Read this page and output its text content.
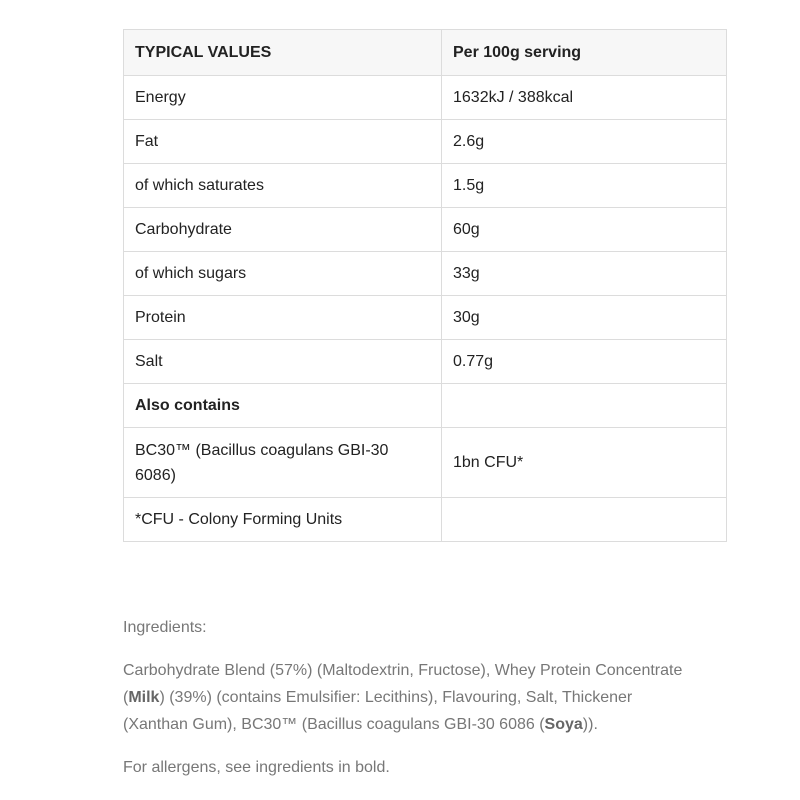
TYPICAL VALUES	Per 100g serving
Energy	1632kJ / 388kcal
Fat	2.6g
of which saturates	1.5g
Carbohydrate	60g
of which sugars	33g
Protein	30g
Salt	0.77g
Also contains	
BC30™ (Bacillus coagulans GBI-30 6086)	1bn CFU*
*CFU - Colony Forming Units	

Ingredients:

Carbohydrate Blend (57%) (Maltodextrin, Fructose), Whey Protein Concentrate (Milk) (39%) (contains Emulsifier: Lecithins), Flavouring, Salt, Thickener (Xanthan Gum), BC30™ (Bacillus coagulans GBI-30 6086 (Soya)).

For allergens, see ingredients in bold.
